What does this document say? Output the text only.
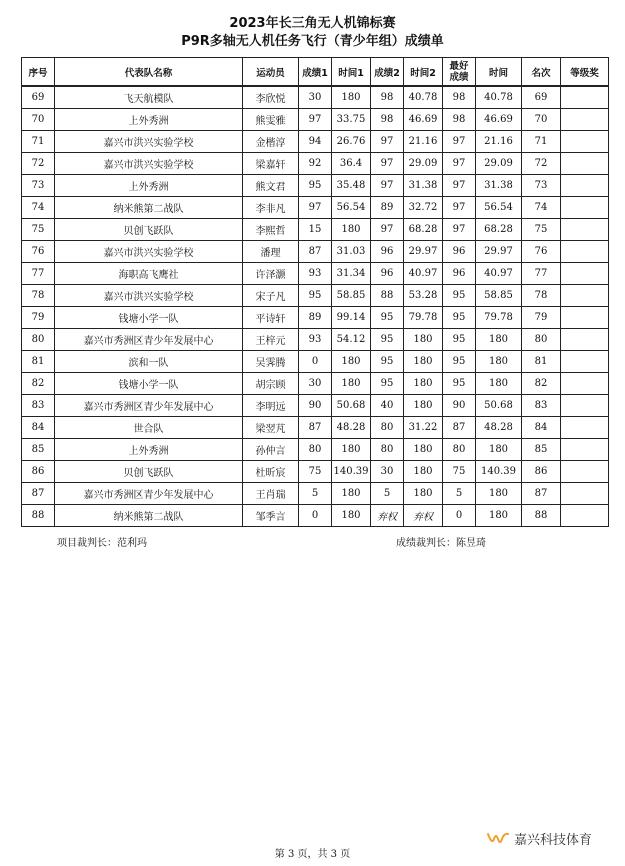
2023年长三角无人机锦标赛
P9R多轴无人机任务飞行（青少年组）成绩单
序号	代表队名称	运动员	成绩1	时间1	成绩2	时间2	最好
成绩	时间	名次	等级奖
69	飞天航模队	李欣悦	30	180	98	40.78	98	40.78	69	
70	上外秀洲	熊雯雅	97	33.75	98	46.69	98	46.69	70	
71	嘉兴市洪兴实验学校	金楷淳	94	26.76	97	21.16	97	21.16	71	
72	嘉兴市洪兴实验学校	梁嘉轩	92	36.4	97	29.09	97	29.09	72	
73	上外秀洲	熊文君	95	35.48	97	31.38	97	31.38	73	
74	纳米熊第二战队	李非凡	97	56.54	89	32.72	97	56.54	74	
75	贝创飞跃队	李熙哲	15	180	97	68.28	97	68.28	75	
76	嘉兴市洪兴实验学校	潘理	87	31.03	96	29.97	96	29.97	76	
77	海职高飞鹰社	许泽灏	93	31.34	96	40.97	96	40.97	77	
78	嘉兴市洪兴实验学校	宋子凡	95	58.85	88	53.28	95	58.85	78	
79	钱塘小学一队	平诗轩	89	99.14	95	79.78	95	79.78	79	
80	嘉兴市秀洲区青少年发展中心	王梓元	93	54.12	95	180	95	180	80	
81	滨和一队	吴霁腾	0	180	95	180	95	180	81	
82	钱塘小学一队	胡宗顾	30	180	95	180	95	180	82	
83	嘉兴市秀洲区青少年发展中心	李明远	90	50.68	40	180	90	50.68	83	
84	世合队	梁翌芃	87	48.28	80	31.22	87	48.28	84	
85	上外秀洲	孙仲言	80	180	80	180	80	180	85	
86	贝创飞跃队	杜昕宸	75	140.39	30	180	75	140.39	86	
87	嘉兴市秀洲区青少年发展中心	王肖瑞	5	180	5	180	5	180	87	
88	纳米熊第二战队	邹季言	0	180	弃权	弃权	0	180	88	
项目裁判长：范利玛	成绩裁判长：陈昱琦
嘉兴科技体育
第 3 页，共 3 页
